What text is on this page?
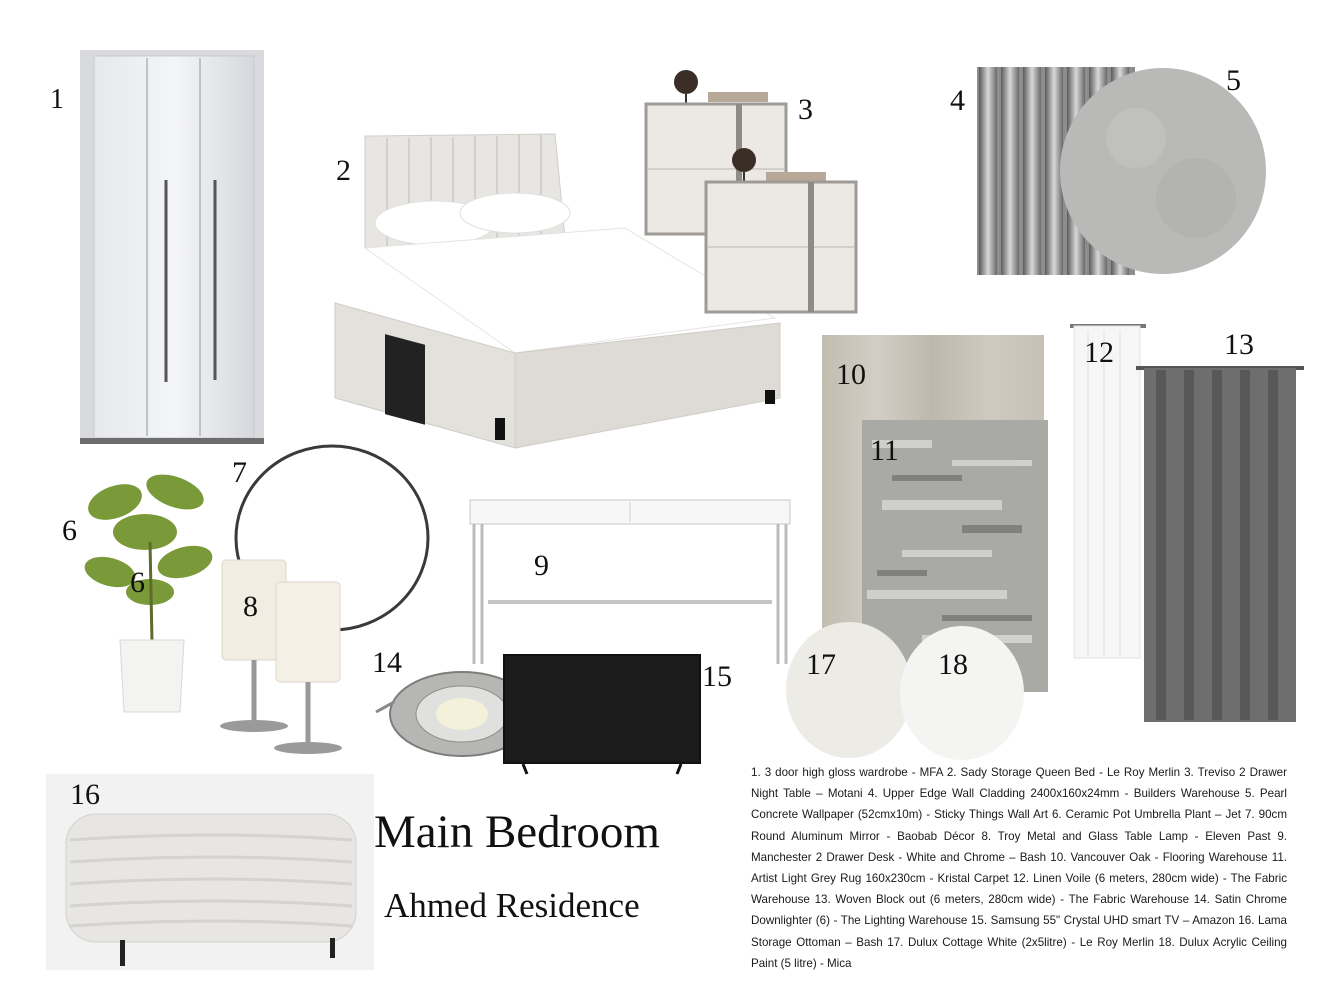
1
2
3	4
5
6
6
7
8
9
10
11
12	13
14	15
16
17	18
Main Bedroom
Ahmed Residence
1. 3 door high gloss wardrobe - MFA 2. Sady Storage Queen Bed - Le Roy Merlin 3. Treviso 2 Drawer Night Table – Motani 4. Upper Edge Wall Cladding 2400x160x24mm - Builders Warehouse 5. Pearl Concrete Wallpaper (52cmx10m) - Sticky Things Wall Art 6. Ceramic Pot Umbrella Plant – Jet 7. 90cm Round Aluminum Mirror - Baobab Décor 8. Troy Metal and Glass Table Lamp - Eleven Past 9. Manchester 2 Drawer Desk - White and Chrome – Bash 10. Vancouver Oak - Flooring Warehouse 11. Artist Light Grey Rug 160x230cm - Kristal Carpet 12. Linen Voile (6 meters, 280cm wide) - The Fabric Warehouse 13. Woven Block out (6 meters, 280cm wide) - The Fabric Warehouse 14. Satin Chrome Downlighter (6) - The Lighting Warehouse 15. Samsung 55" Crystal UHD smart TV – Amazon 16. Lama Storage Ottoman – Bash 17. Dulux Cottage White (2x5litre) - Le Roy Merlin 18. Dulux Acrylic Ceiling Paint (5 litre) - Mica
